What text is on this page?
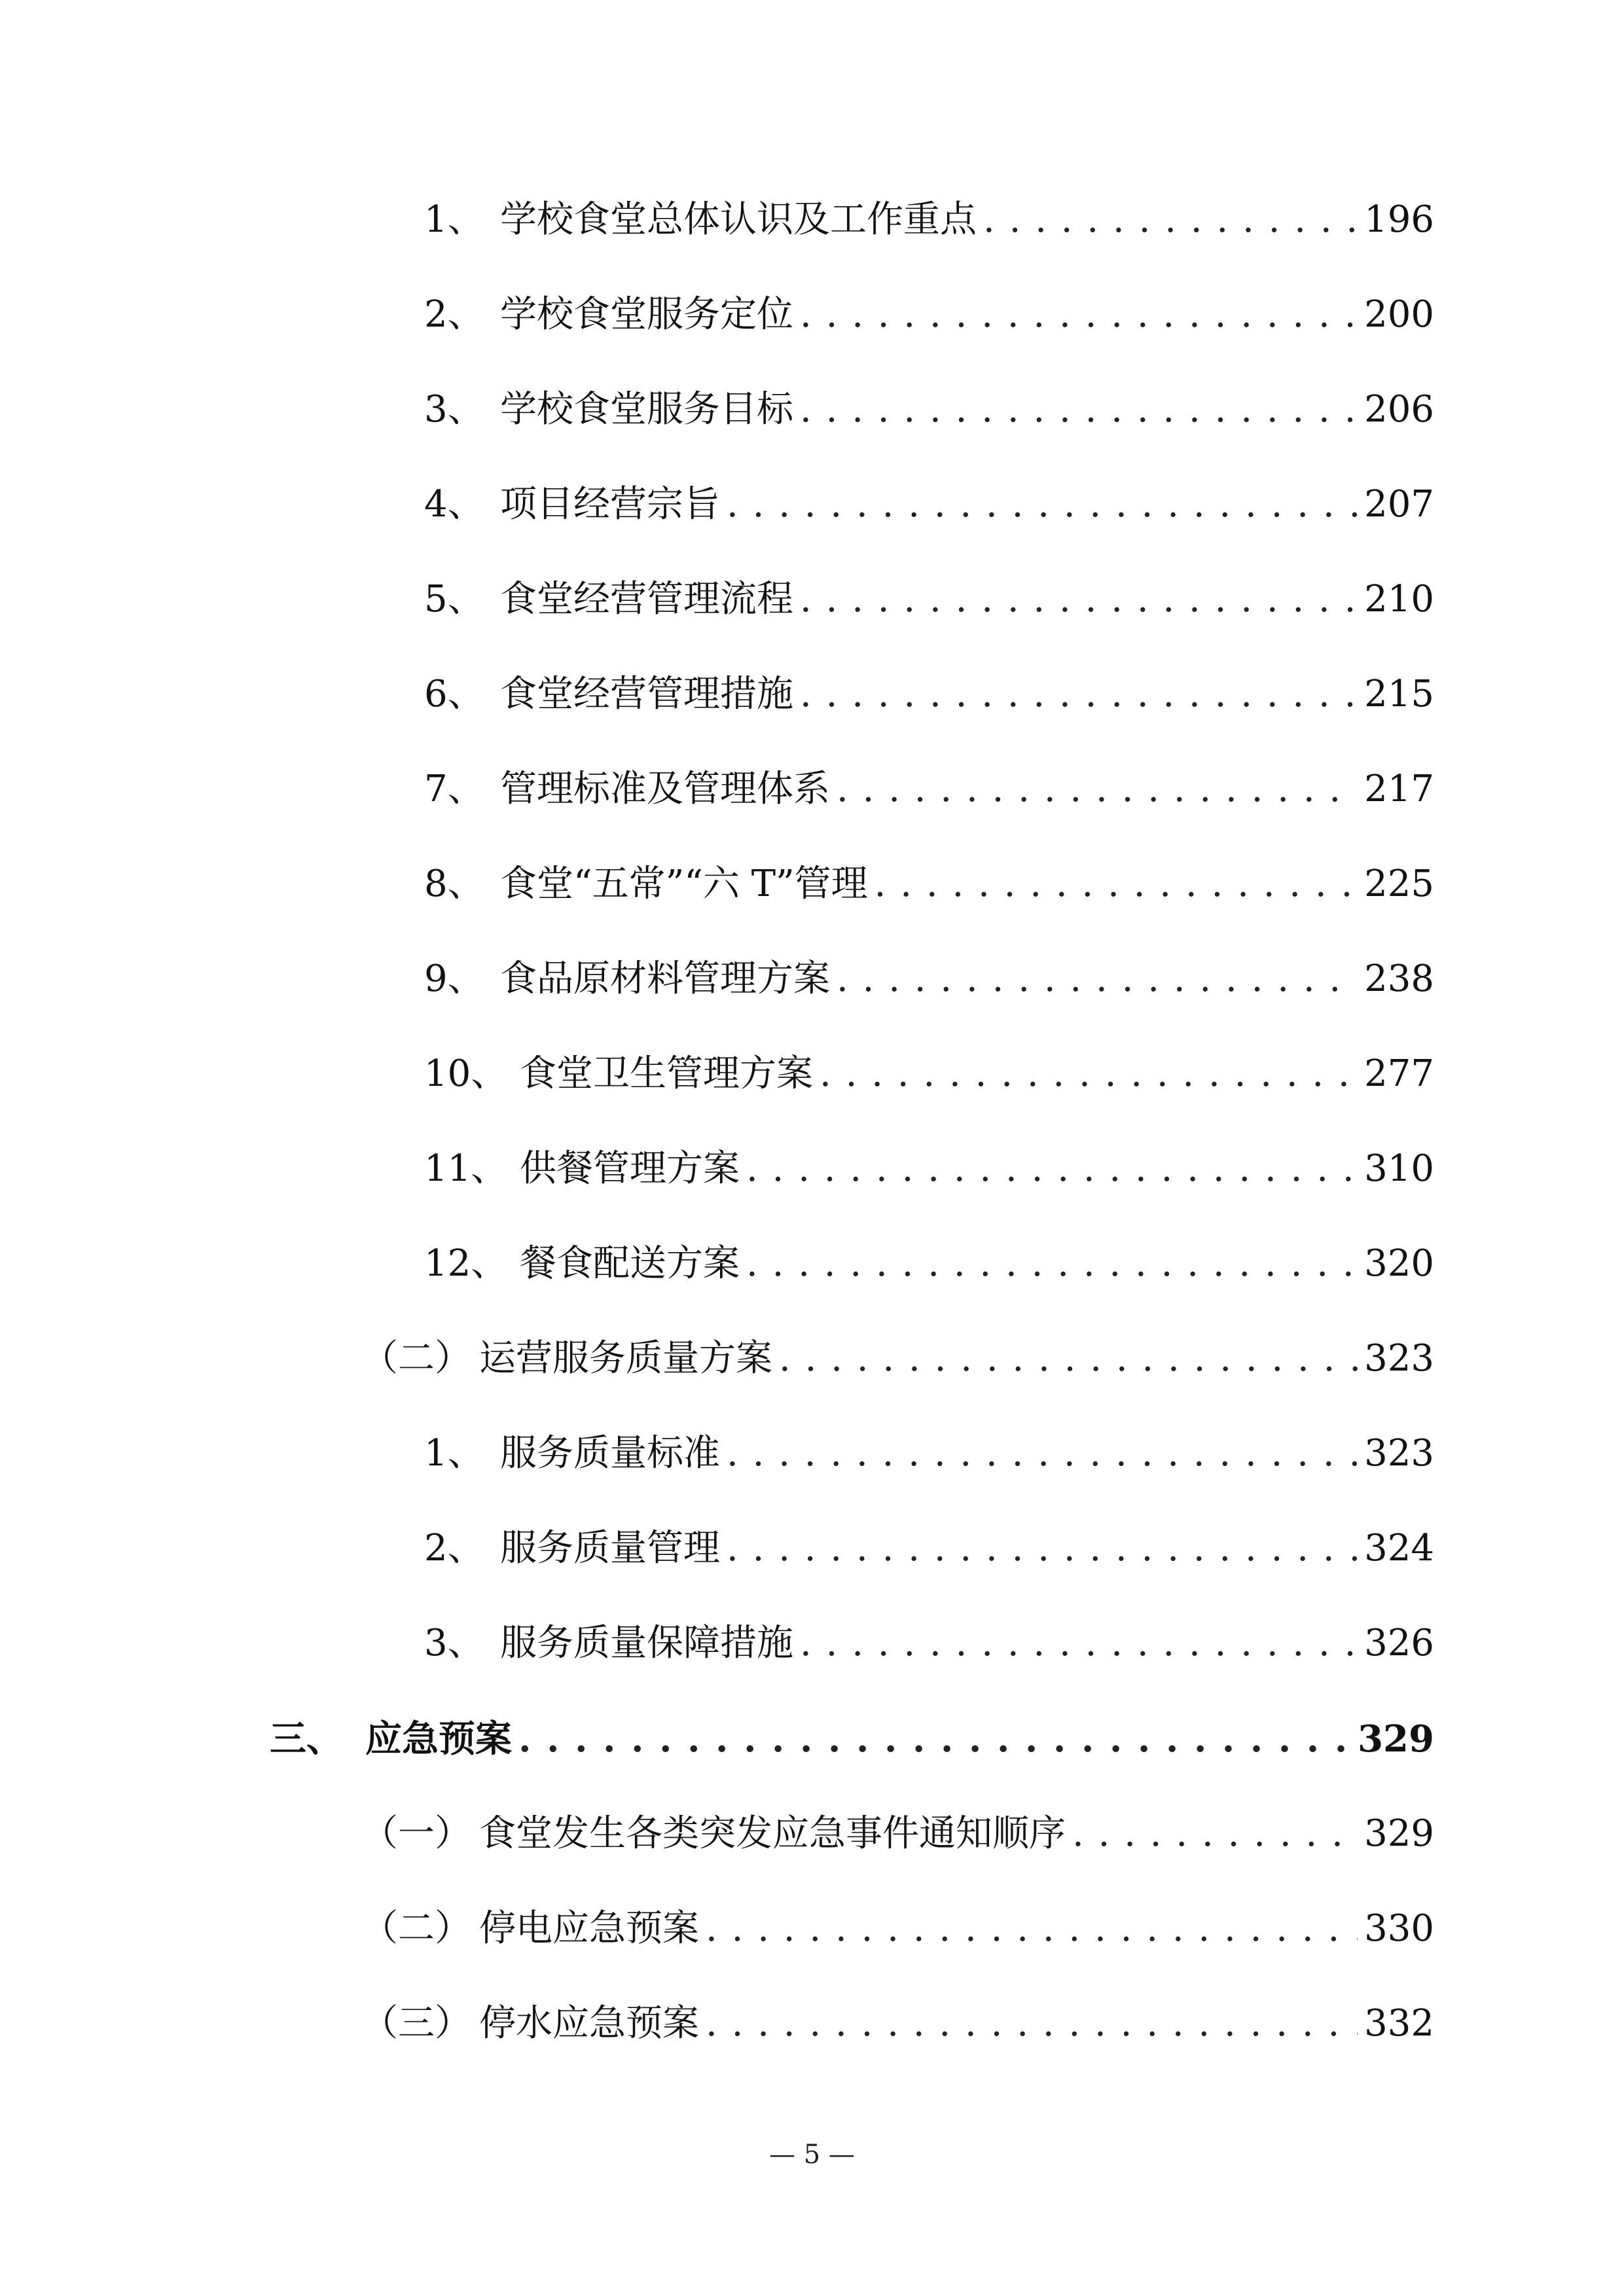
1、 学校食堂总体认识及工作重点 . . .	196
2、 学校食堂服务定位 . . .	200
3、 学校食堂服务目标 . . .	206
4、 项目经营宗旨 . . .	207
5、 食堂经营管理流程 . . .	210
6、 食堂经营管理措施 . . .	215
7、 管理标准及管理体系 . . .	217
8、 食堂“五常”“六 T”管理 . . .	225
9、 食品原材料管理方案 . . .	238
10、 食堂卫生管理方案 . . .	277
11、 供餐管理方案 . . .	310
12、 餐食配送方案 . . .	320
（二） 运营服务质量方案 . . .	323
1、 服务质量标准 . . .	323
2、 服务质量管理 . . .	324
3、 服务质量保障措施 . . .	326
三、 应急预案 . . .	329
（一） 食堂发生各类突发应急事件通知顺序 . . .	329
（二） 停电应急预案 . . .	330
（三） 停水应急预案 . . .	332
— 5 —
